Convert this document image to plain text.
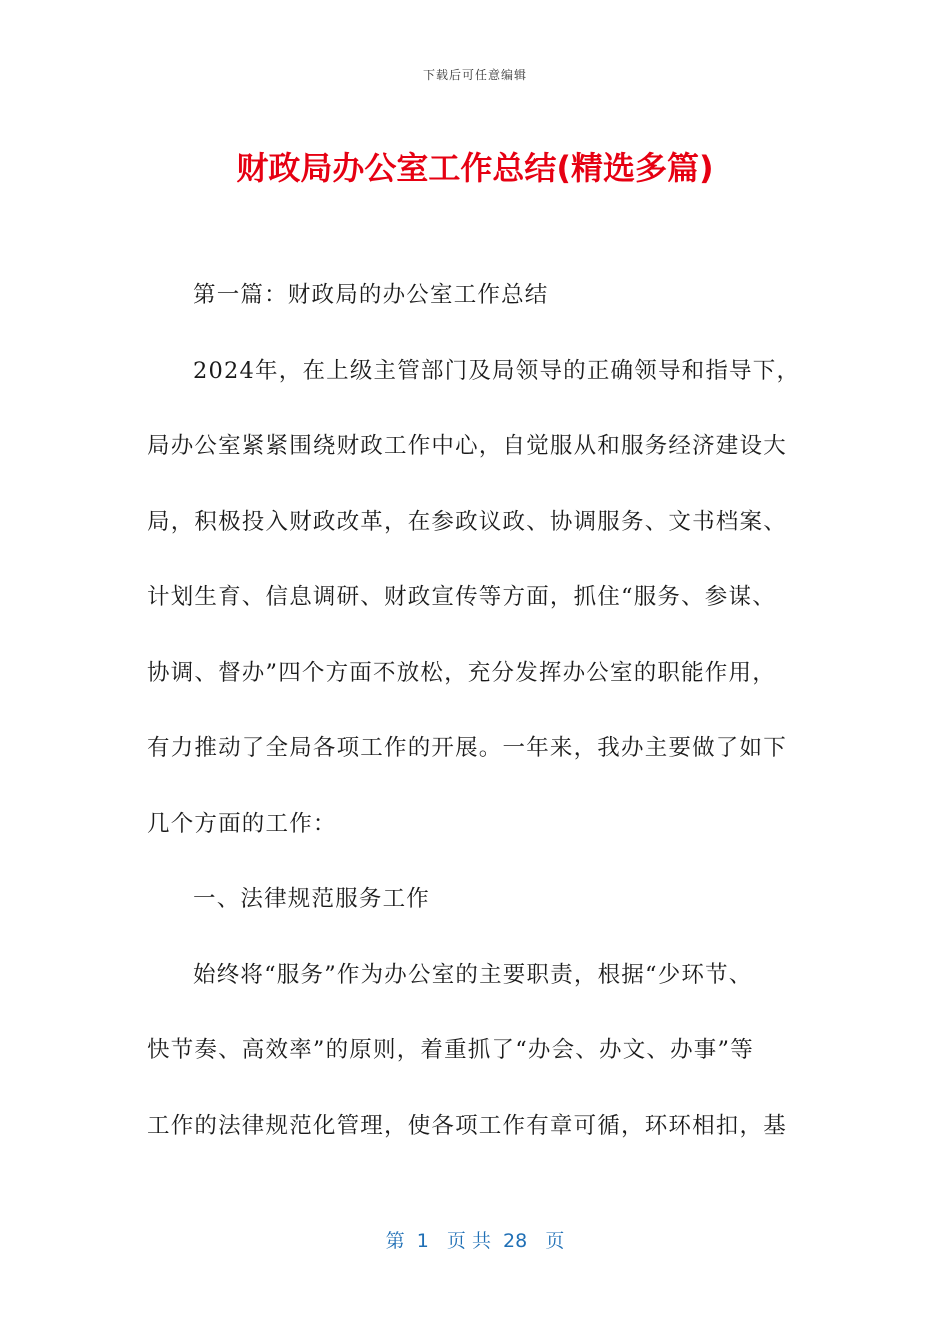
下载后可任意编辑
财政局办公室工作总结(精选多篇)
第一篇：财政局的办公室工作总结
2024年，在上级主管部门及局领导的正确领导和指导下，
局办公室紧紧围绕财政工作中心，自觉服从和服务经济建设大
局，积极投入财政改革，在参政议政、协调服务、文书档案、
计划生育、信息调研、财政宣传等方面，抓住“服务、参谋、
协调、督办”四个方面不放松，充分发挥办公室的职能作用，
有力推动了全局各项工作的开展。一年来，我办主要做了如下
几个方面的工作：
一、法律规范服务工作
始终将“服务”作为办公室的主要职责，根据“少环节、
快节奏、高效率”的原则，着重抓了“办会、办文、办事”等
工作的法律规范化管理，使各项工作有章可循，环环相扣，基
第  1   页 共  28   页
